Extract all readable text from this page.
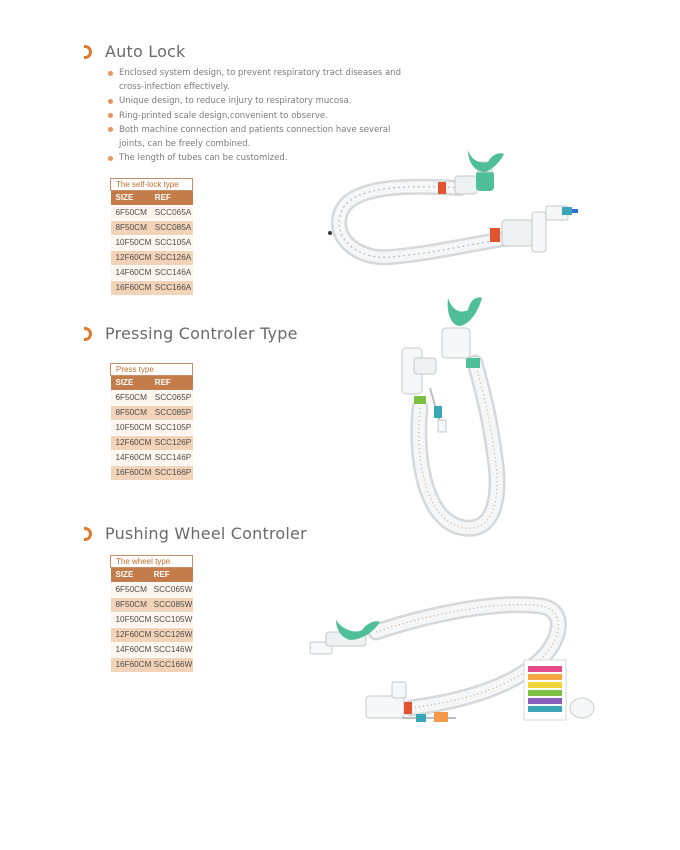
Auto Lock
Enclosed system design, to prevent respiratory tract diseases and cross-infection effectively.
Unique design, to reduce injury to respiratory mucosa.
Ring-printed scale design,convenient to observe.
Both machine connection and patients connection have several joints, can be freely combined.
The length of tubes can be customized.
The self-lock type	
SIZE	REF
6F50CM	SCC065A
8F50CM	SCC085A
10F50CM	SCC105A
12F60CM	SCC126A
14F60CM	SCC146A
16F60CM	SCC166A
Pressing Controler Type
Press type	
SIZE	REF
6F50CM	SCC065P
8F50CM	SCC085P
10F50CM	SCC105P
12F60CM	SCC126P
14F60CM	SCC146P
16F60CM	SCC166P
Pushing Wheel Controler
The wheel type	
SIZE	REF
6F50CM	SCC065W
8F50CM	SCC085W
10F50CM	SCC105W
12F60CM	SCC126W
14F60CM	SCC146W
16F60CM	SCC166W
